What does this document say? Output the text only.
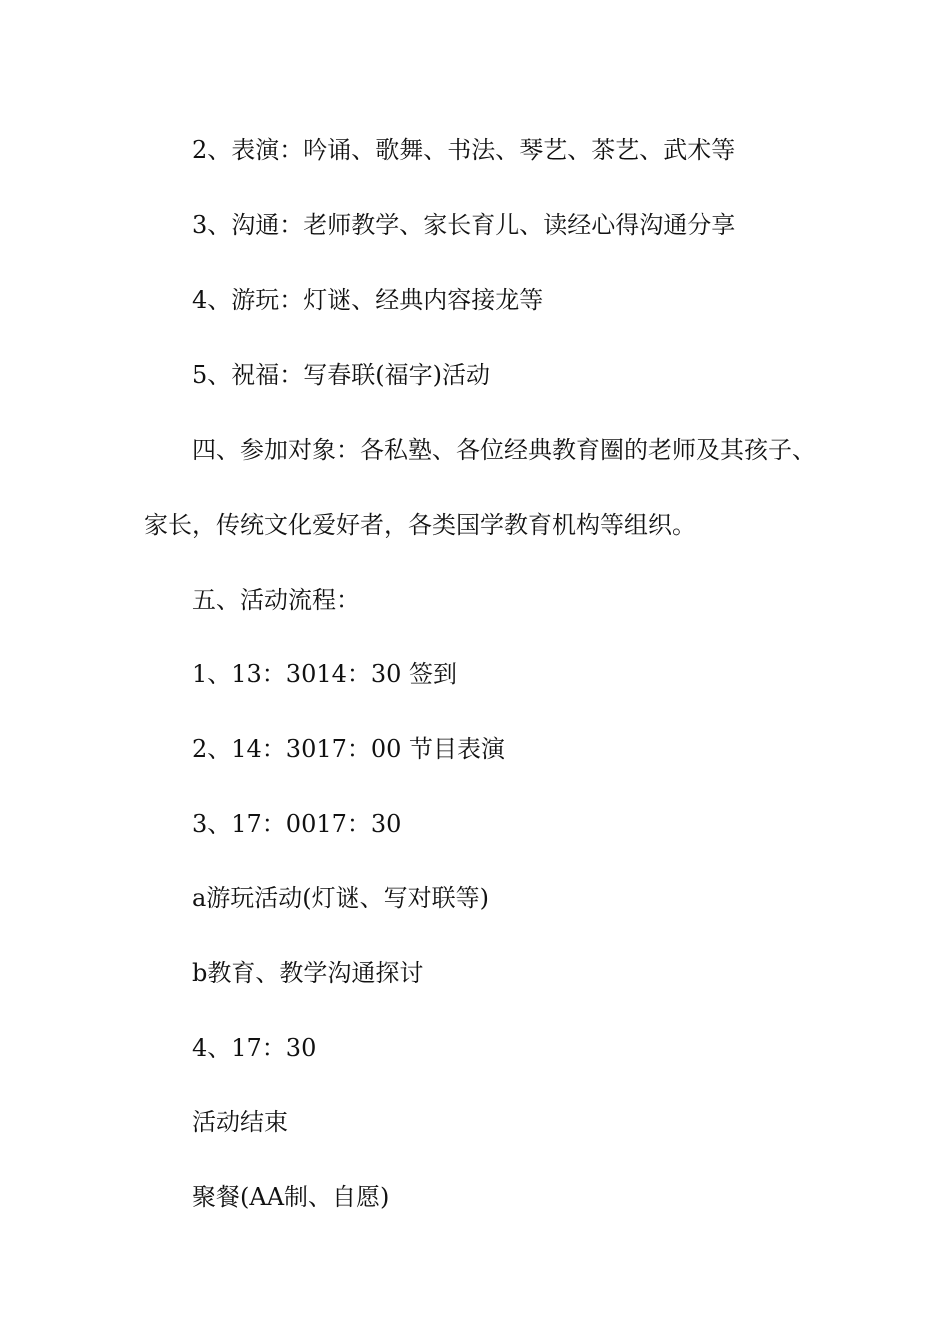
2、表演：吟诵、歌舞、书法、琴艺、茶艺、武术等
3、沟通：老师教学、家长育儿、读经心得沟通分享
4、游玩：灯谜、经典内容接龙等
5、祝福：写春联(福字)活动
四、参加对象：各私塾、各位经典教育圈的老师及其孩子、
家长，传统文化爱好者，各类国学教育机构等组织。
五、活动流程：
1、13：3014：30 签到
2、14：3017：00 节目表演
3、17：0017：30
a游玩活动(灯谜、写对联等)
b教育、教学沟通探讨
4、17：30
活动结束
聚餐(AA制、自愿)
